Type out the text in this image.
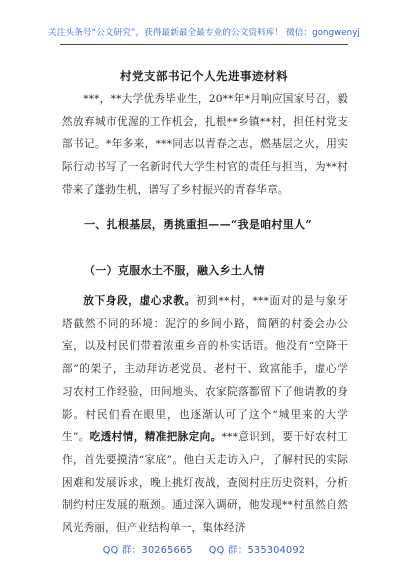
关注头条号“公文研究”，获得最新最全最专业的公文资料库！ 微信：gongwenyj
村党支部书记个人先进事迹材料

***，**大学优秀毕业生，20**年*月响应国家号召，毅然放弃城市优渥的工作机会，扎根**乡镇**村，担任村党支部书记。*年多来，***同志以青春之志，燃基层之火，用实际行动书写了一名新时代大学生村官的责任与担当，为**村带来了蓬勃生机，谱写了乡村振兴的青春华章。

一、扎根基层，勇挑重担——“我是咱村里人”

（一）克服水土不服，融入乡土人情

放下身段，虚心求教。初到**村，***面对的是与象牙塔截然不同的环境：泥泞的乡间小路，简陋的村委会办公室，以及村民们带着浓重乡音的朴实话语。他没有“空降干部”的架子，主动拜访老党员、老村干、致富能手，虚心学习农村工作经验，田间地头、农家院落都留下了他请教的身影。村民们看在眼里，也逐渐认可了这个“城里来的大学生”。吃透村情，精准把脉定向。***意识到，要干好农村工作，首先要摸清“家底”。他白天走访入户，了解村民的实际困难和发展诉求，晚上挑灯夜战，查阅村庄历史资料，分析制约村庄发展的瓶颈。通过深入调研，他发现**村虽然自然风光秀丽，但产业结构单一，集体经济

QQ 群：30265665 QQ 群：535304092
